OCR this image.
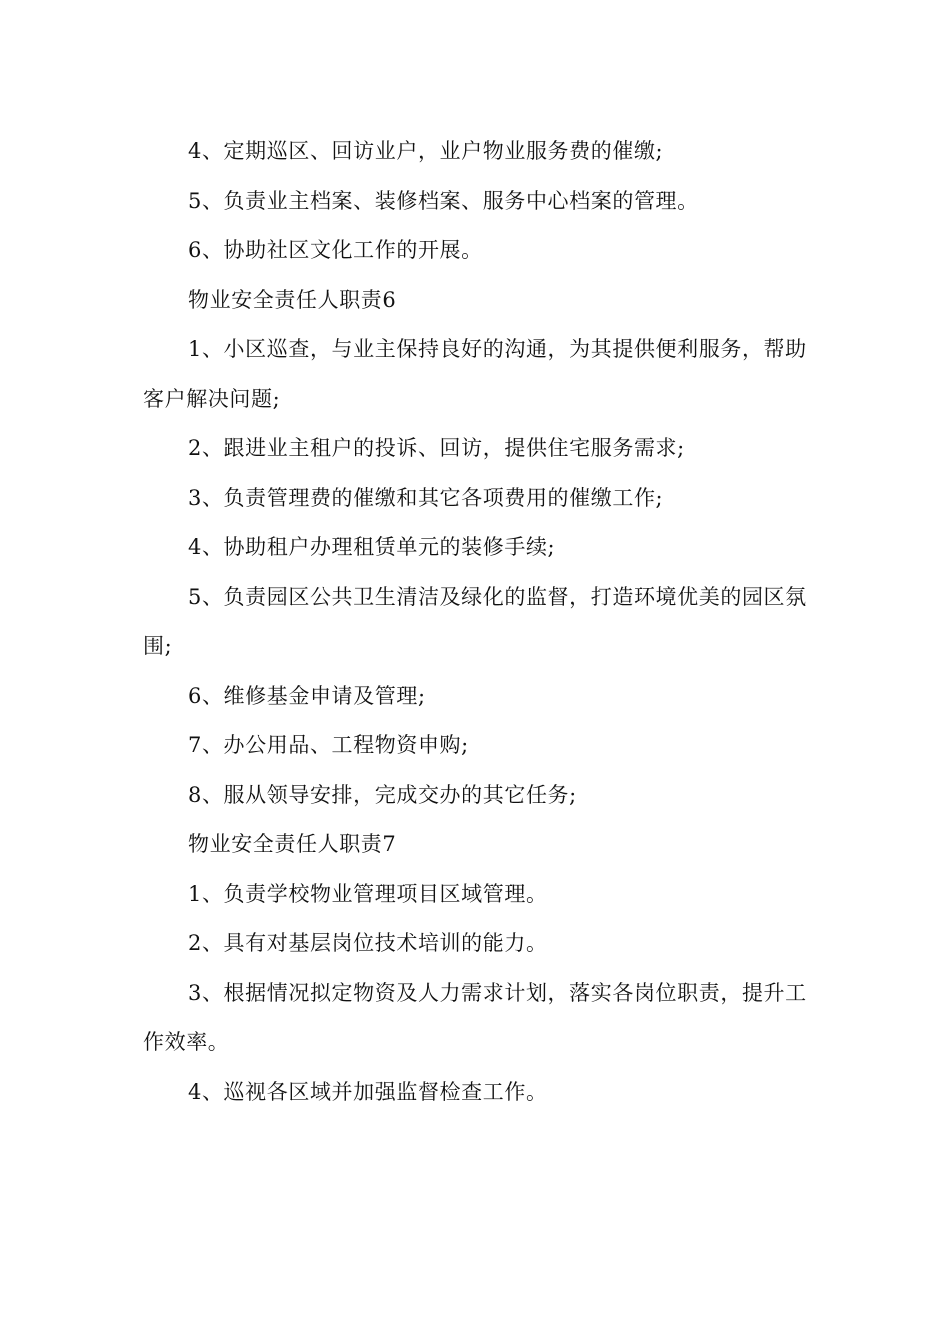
4、定期巡区、回访业户，业户物业服务费的催缴;

5、负责业主档案、装修档案、服务中心档案的管理。

6、协助社区文化工作的开展。

物业安全责任人职责6

1、小区巡查，与业主保持良好的沟通，为其提供便利服务，帮助客户解决问题;

2、跟进业主租户的投诉、回访，提供住宅服务需求;

3、负责管理费的催缴和其它各项费用的催缴工作;

4、协助租户办理租赁单元的装修手续;

5、负责园区公共卫生清洁及绿化的监督，打造环境优美的园区氛围;

6、维修基金申请及管理;

7、办公用品、工程物资申购;

8、服从领导安排，完成交办的其它任务;

物业安全责任人职责7

1、负责学校物业管理项目区域管理。

2、具有对基层岗位技术培训的能力。

3、根据情况拟定物资及人力需求计划，落实各岗位职责，提升工作效率。

4、巡视各区域并加强监督检查工作。
